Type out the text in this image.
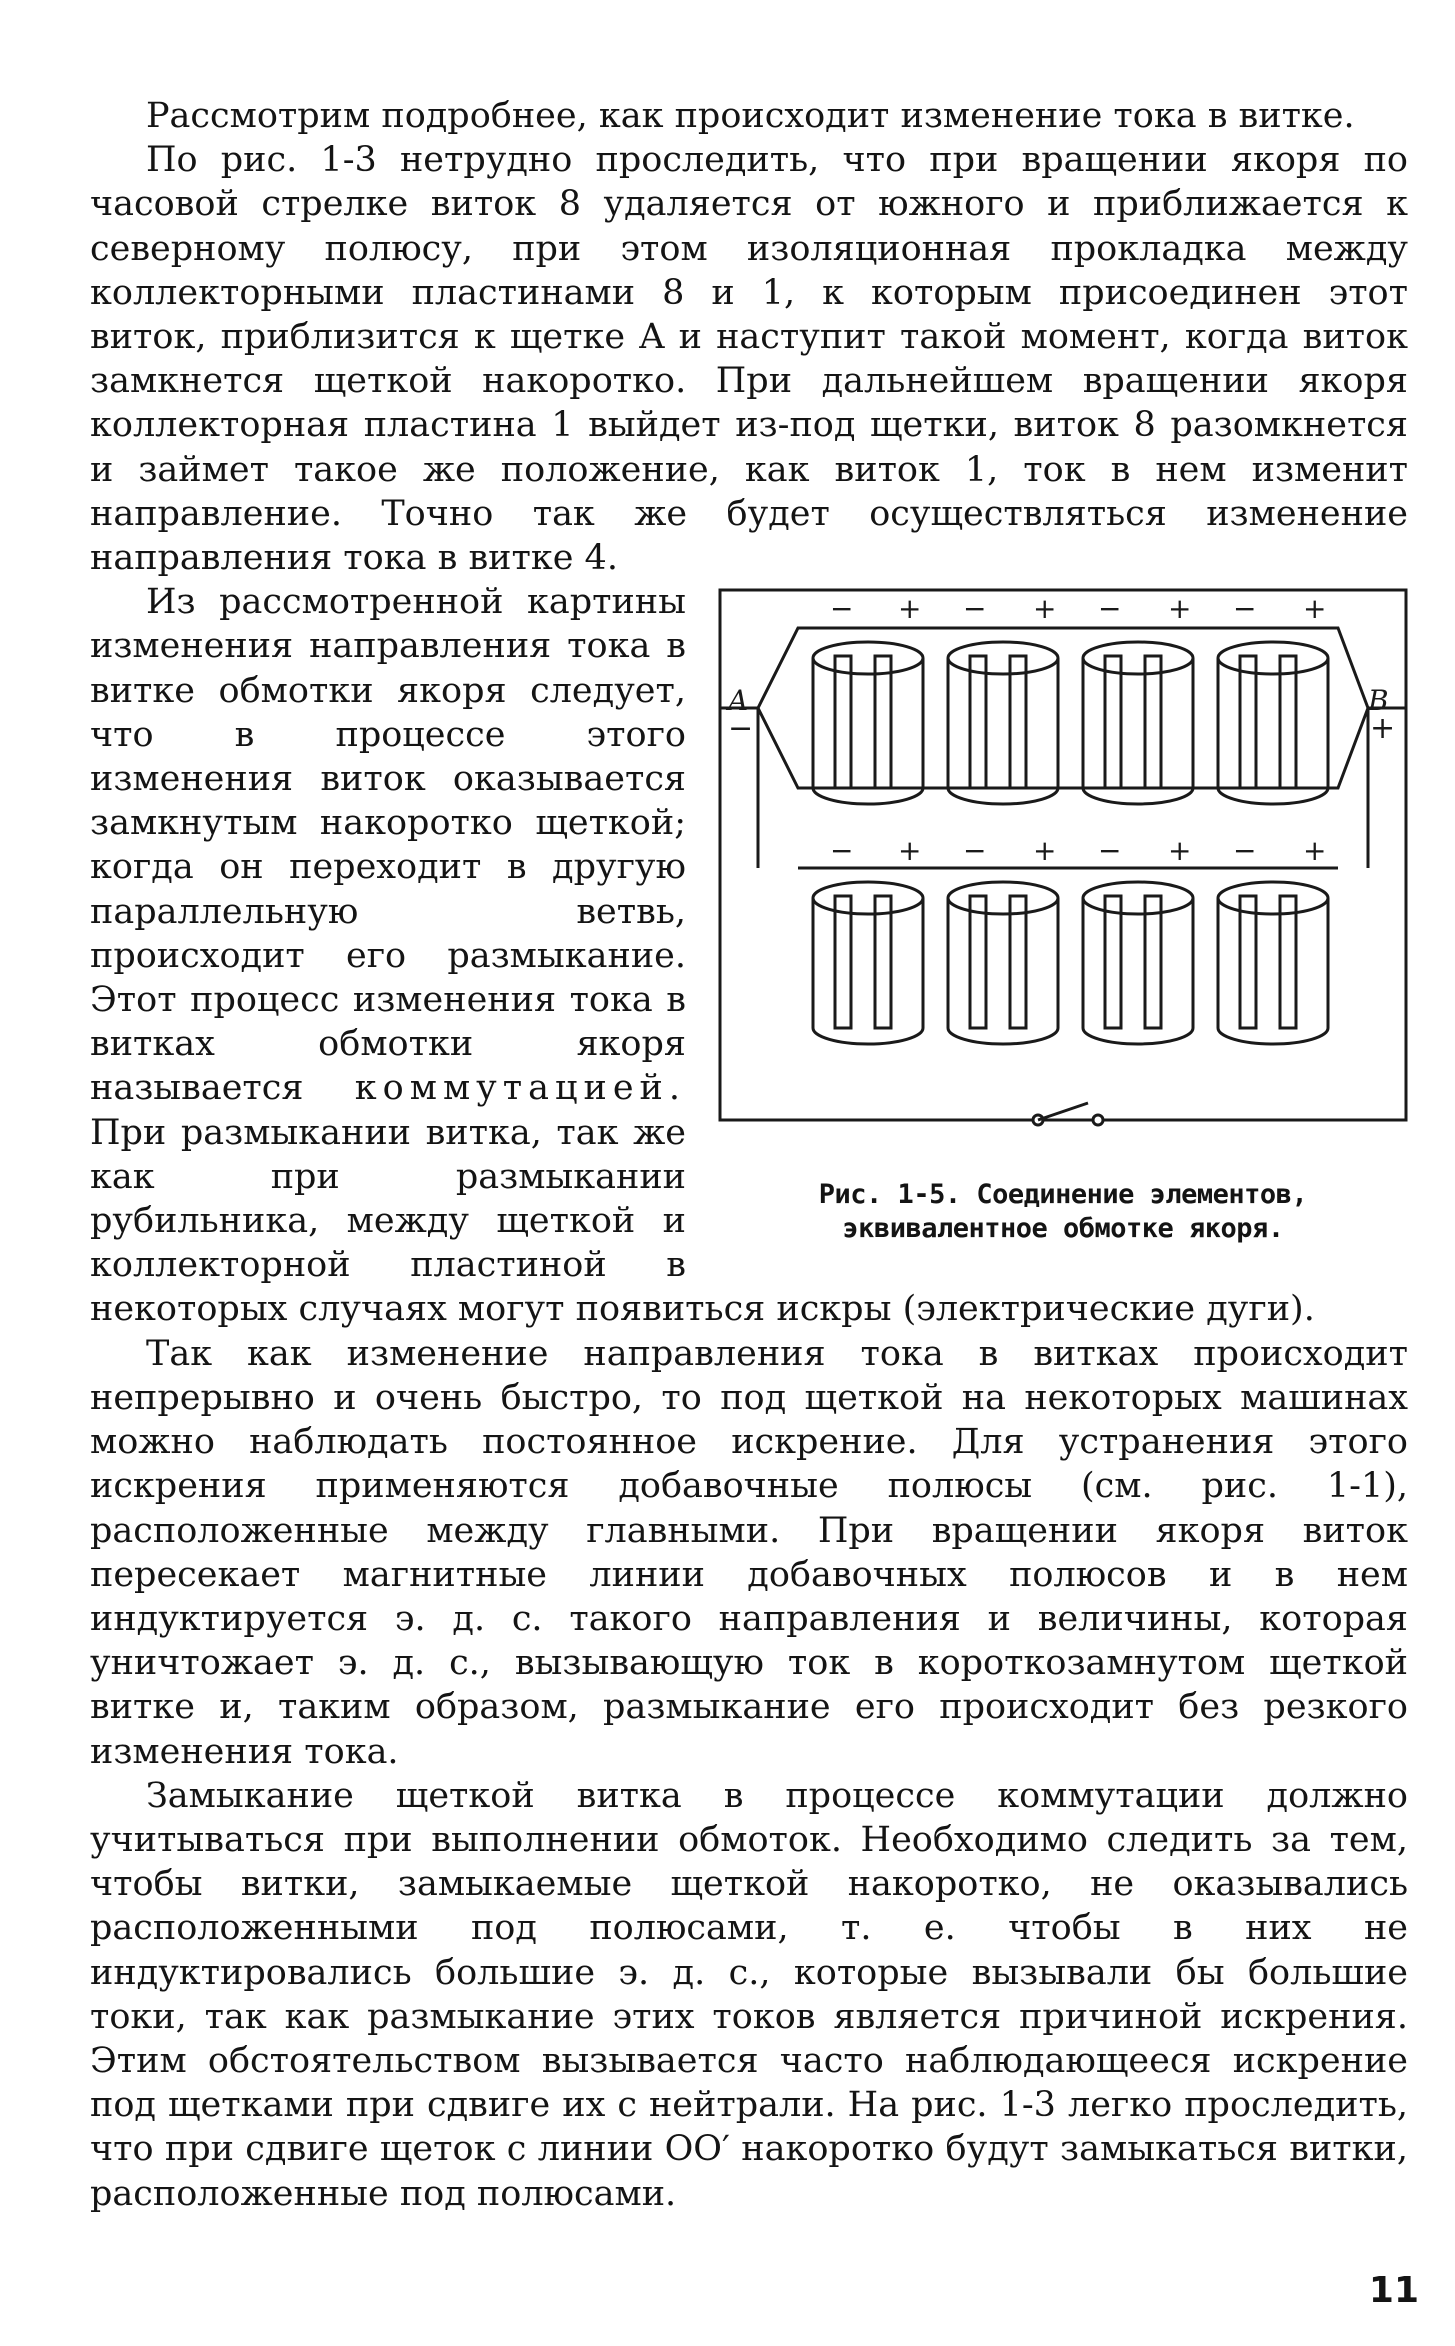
Рассмотрим подробнее, как происходит изменение тока в витке.

По рис. 1-3 нетрудно проследить, что при вращении якоря по часовой стрелке виток 8 удаляется от южного и приближается к северному полюсу, при этом изоляционная прокладка между коллекторными пластинами 8 и 1, к которым присоединен этот виток, приблизится к щетке A и наступит такой момент, когда виток замкнется щеткой накоротко. При дальнейшем вращении якоря коллекторная пластина 1 выйдет из-под щетки, виток 8 разомкнется и займет такое же положение, как виток 1, ток в нем изменит направление. Точно так же будет осуществляться изменение направления тока в витке 4.

A
−
B
+
− + − + − + − +
− + − + − + − +
Рис. 1-5. Соединение элементов, эквивалентное обмотке якоря.

Из рассмотренной картины изменения направления тока в витке обмотки якоря следует, что в процессе этого изменения виток оказывается замкнутым накоротко щеткой; когда он переходит в другую параллельную ветвь, происходит его размыкание. Этот процесс изменения тока в витках обмотки якоря называется коммутацией. При размыкании витка, так же как при размыкании рубильника, между щеткой и коллекторной пластиной в некоторых случаях могут появиться искры (электрические дуги).

Так как изменение направления тока в витках происходит непрерывно и очень быстро, то под щеткой на некоторых машинах можно наблюдать постоянное искрение. Для устранения этого искрения применяются добавочные полюсы (см. рис. 1-1), расположенные между главными. При вращении якоря виток пересекает магнитные линии добавочных полюсов и в нем индуктируется э. д. с. такого направления и величины, которая уничтожает э. д. с., вызывающую ток в короткозамнутом щеткой витке и, таким образом, размыкание его происходит без резкого изменения тока.

Замыкание щеткой витка в процессе коммутации должно учитываться при выполнении обмоток. Необходимо следить за тем, чтобы витки, замыкаемые щеткой накоротко, не оказывались расположенными под полюсами, т. е. чтобы в них не индуктировались большие э. д. с., которые вызывали бы большие токи, так как размыкание этих токов является причиной искрения. Этим обстоятельством вызывается часто наблюдающееся искрение под щетками при сдвиге их с нейтрали. На рис. 1-3 легко проследить, что при сдвиге щеток с линии OO′ накоротко будут замыкаться витки, расположенные под полюсами.

11
